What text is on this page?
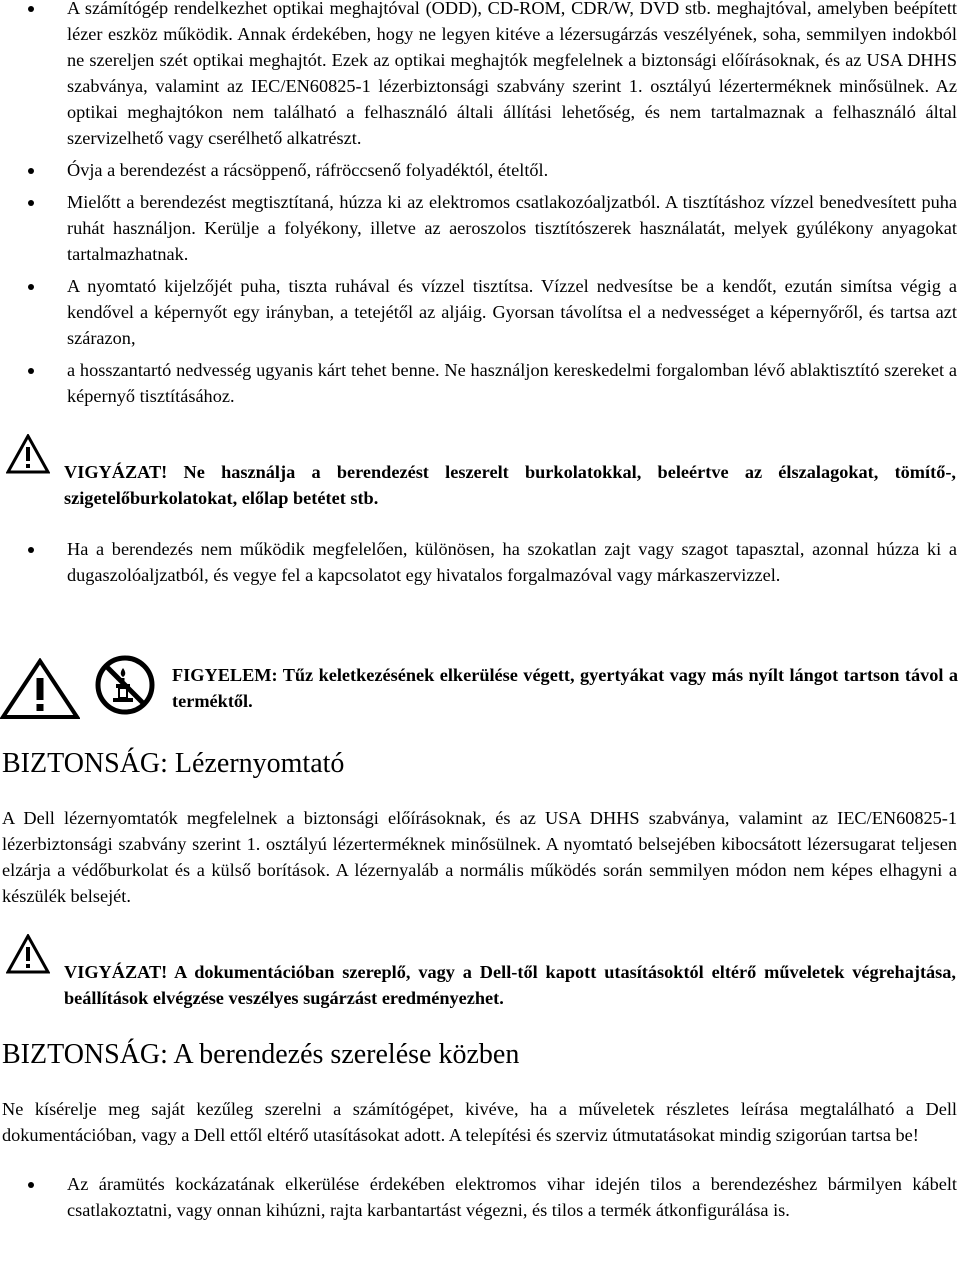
A számítógép rendelkezhet optikai meghajtóval (ODD), CD-ROM, CDR/W, DVD stb. meghajtóval, amelyben beépített lézer eszköz működik. Annak érdekében, hogy ne legyen kitéve a lézersugárzás veszélyének, soha, semmilyen indokból ne szereljen szét optikai meghajtót. Ezek az optikai meghajtók megfelelnek a biztonsági előírásoknak, és az USA DHHS szabványa, valamint az IEC/EN60825-1 lézerbiztonsági szabvány szerint 1. osztályú lézerterméknek minősülnek. Az optikai meghajtókon nem található a felhasználó általi állítási lehetőség, és nem tartalmaznak a felhasználó által szervizelhető vagy cserélhető alkatrészt.
Óvja a berendezést a rácsöppenő, ráfröccsenő folyadéktól, ételtől.
Mielőtt a berendezést megtisztítaná, húzza ki az elektromos csatlakozóaljzatból. A tisztításhoz vízzel benedvesített puha ruhát használjon. Kerülje a folyékony, illetve az aeroszolos tisztítószerek használatát, melyek gyúlékony anyagokat tartalmazhatnak.
A nyomtató kijelzőjét puha, tiszta ruhával és vízzel tisztítsa. Vízzel nedvesítse be a kendőt, ezután simítsa végig a kendővel a képernyőt egy irányban, a tetejétől az aljáig. Gyorsan távolítsa el a nedvességet a képernyőről, és tartsa azt szárazon,
a hosszantartó nedvesség ugyanis kárt tehet benne. Ne használjon kereskedelmi forgalomban lévő ablaktisztító szereket a képernyő tisztításához.
VIGYÁZAT! Ne használja a berendezést leszerelt burkolatokkal, beleértve az élszalagokat, tömítő-, szigetelőburkolatokat, előlap betétet stb.
Ha a berendezés nem működik megfelelően, különösen, ha szokatlan zajt vagy szagot tapasztal, azonnal húzza ki a dugaszolóaljzatból, és vegye fel a kapcsolatot egy hivatalos forgalmazóval vagy márkaszervizzel.
FIGYELEM: Tűz keletkezésének elkerülése végett, gyertyákat vagy más nyílt lángot tartson távol a terméktől.
BIZTONSÁG: Lézernyomtató

A Dell lézernyomtatók megfelelnek a biztonsági előírásoknak, és az USA DHHS szabványa, valamint az IEC/EN60825-1 lézerbiztonsági szabvány szerint 1. osztályú lézerterméknek minősülnek. A nyomtató belsejében kibocsátott lézersugarat teljesen elzárja a védőburkolat és a külső borítások. A lézernyaláb a normális működés során semmilyen módon nem képes elhagyni a készülék belsejét.

VIGYÁZAT! A dokumentációban szereplő, vagy a Dell-től kapott utasításoktól eltérő műveletek végrehajtása, beállítások elvégzése veszélyes sugárzást eredményezhet.
BIZTONSÁG: A berendezés szerelése közben

Ne kísérelje meg saját kezűleg szerelni a számítógépet, kivéve, ha a műveletek részletes leírása megtalálható a Dell dokumentációban, vagy a Dell ettől eltérő utasításokat adott. A telepítési és szerviz útmutatásokat mindig szigorúan tartsa be!

Az áramütés kockázatának elkerülése érdekében elektromos vihar idején tilos a berendezéshez bármilyen kábelt csatlakoztatni, vagy onnan kihúzni, rajta karbantartást végezni, és tilos a termék átkonfigurálása is.
